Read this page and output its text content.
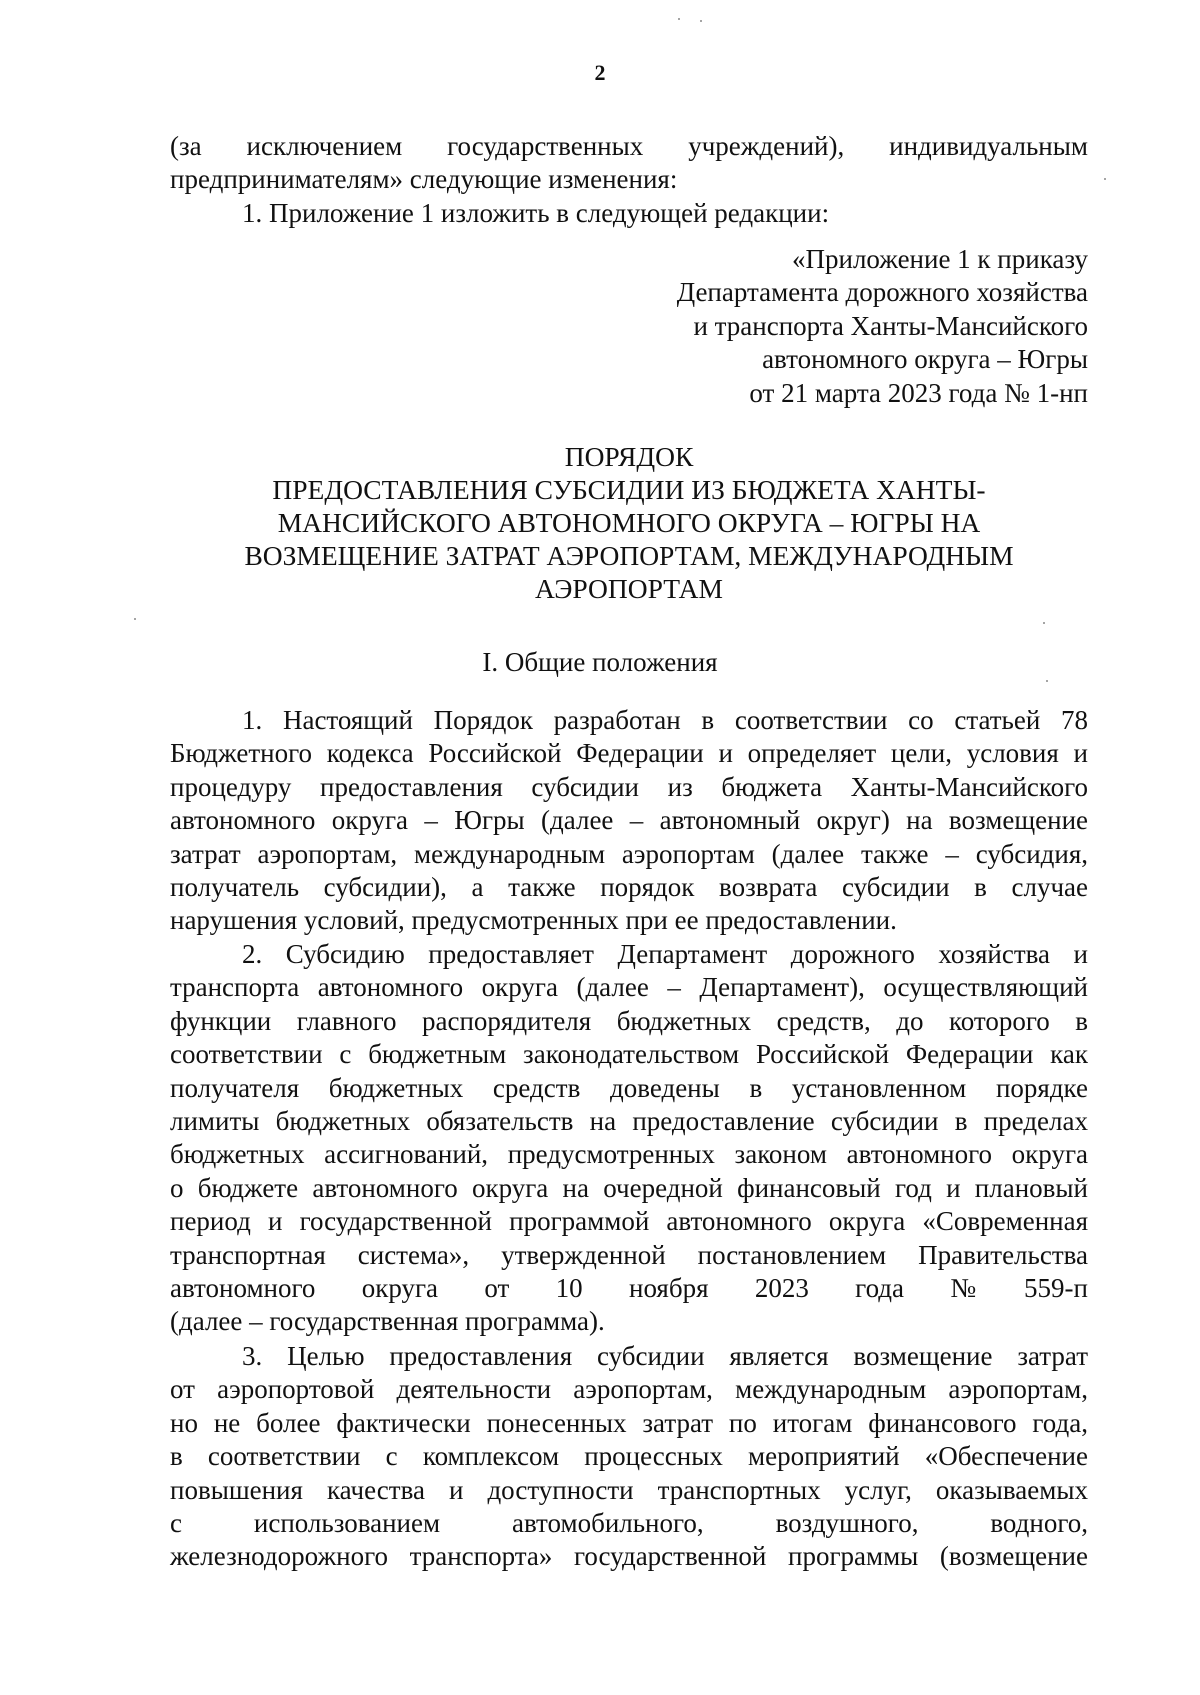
2
(за исключением государственных учреждений), индивидуальным
предпринимателям» следующие изменения:
1. Приложение 1 изложить в следующей редакции:
«Приложение 1 к приказу
Департамента дорожного хозяйства
и транспорта Ханты-Мансийского
автономного округа – Югры
от 21 марта 2023 года № 1-нп
ПОРЯДОК
ПРЕДОСТАВЛЕНИЯ СУБСИДИИ ИЗ БЮДЖЕТА ХАНТЫ-
МАНСИЙСКОГО АВТОНОМНОГО ОКРУГА – ЮГРЫ НА
ВОЗМЕЩЕНИЕ ЗАТРАТ АЭРОПОРТАМ, МЕЖДУНАРОДНЫМ
АЭРОПОРТАМ
I. Общие положения
1. Настоящий Порядок разработан в соответствии со статьей 78
Бюджетного кодекса Российской Федерации и определяет цели, условия и
процедуру предоставления субсидии из бюджета Ханты-Мансийского
автономного округа – Югры (далее – автономный округ) на возмещение
затрат аэропортам, международным аэропортам (далее также – субсидия,
получатель субсидии), а также порядок возврата субсидии в случае
нарушения условий, предусмотренных при ее предоставлении.
2. Субсидию предоставляет Департамент дорожного хозяйства и
транспорта автономного округа (далее – Департамент), осуществляющий
функции главного распорядителя бюджетных средств, до которого в
соответствии с бюджетным законодательством Российской Федерации как
получателя бюджетных средств доведены в установленном порядке
лимиты бюджетных обязательств на предоставление субсидии в пределах
бюджетных ассигнований, предусмотренных законом автономного округа
о бюджете автономного округа на очередной финансовый год и плановый
период и государственной программой автономного округа «Современная
транспортная система», утвержденной постановлением Правительства
автономного округа от 10 ноября 2023 года № 559-п
(далее – государственная программа).
3. Целью предоставления субсидии является возмещение затрат
от аэропортовой деятельности аэропортам, международным аэропортам,
но не более фактически понесенных затрат по итогам финансового года,
в соответствии с комплексом процессных мероприятий «Обеспечение
повышения качества и доступности транспортных услуг, оказываемых
с использованием автомобильного, воздушного, водного,
железнодорожного транспорта» государственной программы (возмещение
